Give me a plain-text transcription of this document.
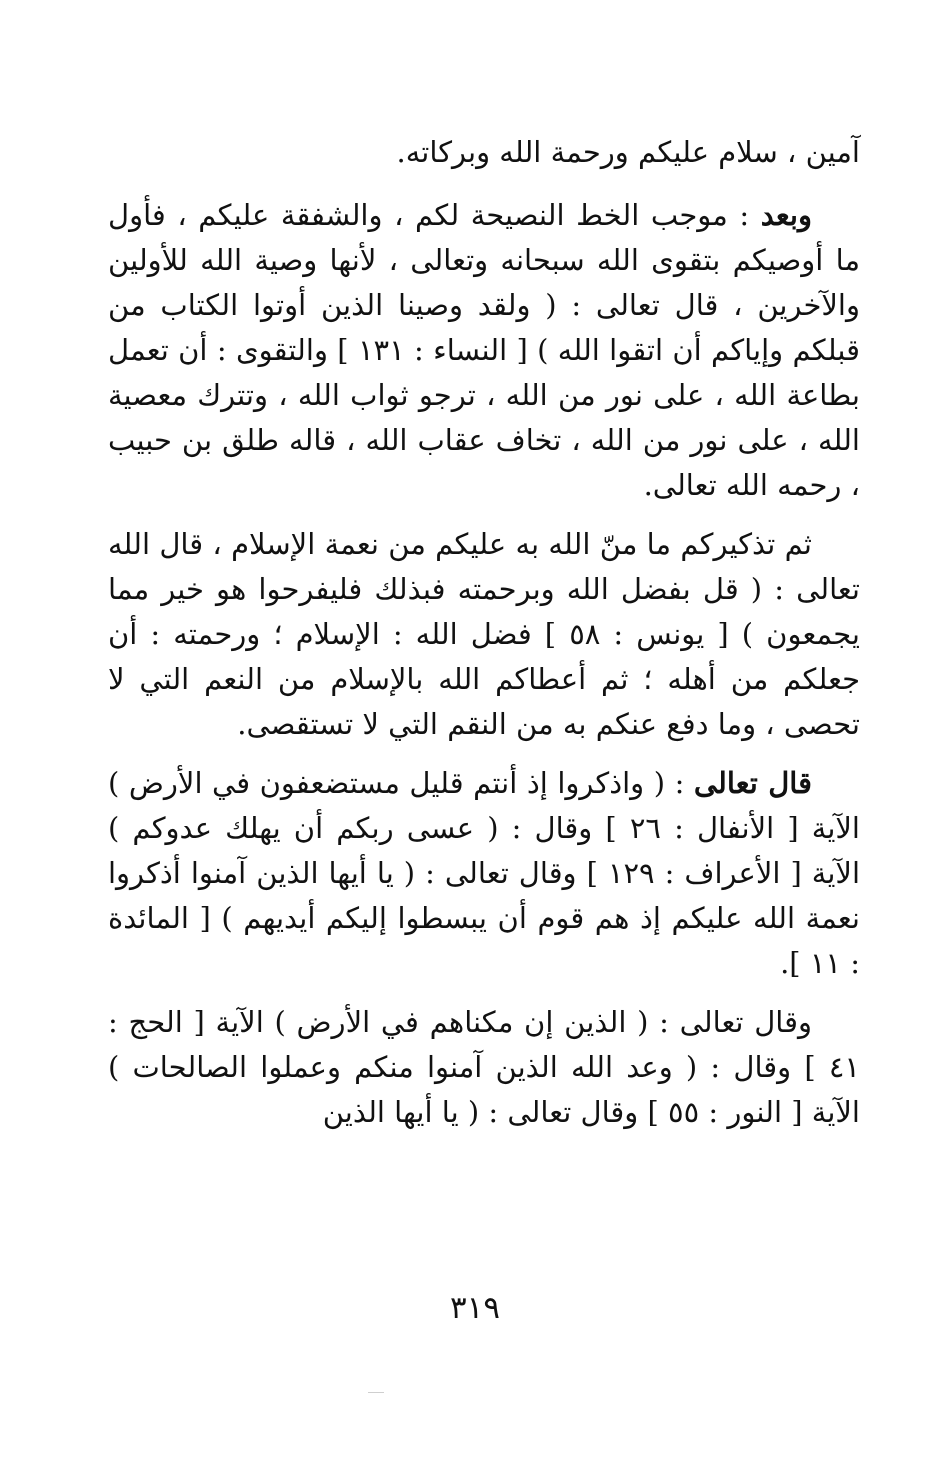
آمين ، سلام عليكم ورحمة الله وبركاته.

وبعد : موجب الخط النصيحة لكم ، والشفقة عليكم ، فأول ما أوصيكم بتقوى الله سبحانه وتعالى ، لأنها وصية الله للأولين والآخرين ، قال تعالى : ( ولقد وصينا الذين أوتوا الكتاب من قبلكم وإياكم أن اتقوا الله ) [ النساء : ١٣١ ] والتقوى : أن تعمل بطاعة الله ، على نور من الله ، ترجو ثواب الله ، وتترك معصية الله ، على نور من الله ، تخاف عقاب الله ، قاله طلق بن حبيب ، رحمه الله تعالى.

ثم تذكيركم ما منّ الله به عليكم من نعمة الإسلام ، قال الله تعالى : ( قل بفضل الله وبرحمته فبذلك فليفرحوا هو خير مما يجمعون ) [ يونس : ٥٨ ] فضل الله : الإسلام ؛ ورحمته : أن جعلكم من أهله ؛ ثم أعطاكم الله بالإسلام من النعم التي لا تحصى ، وما دفع عنكم به من النقم التي لا تستقصى.

قال تعالى : ( واذكروا إذ أنتم قليل مستضعفون في الأرض ) الآية [ الأنفال : ٢٦ ] وقال : ( عسى ربكم أن يهلك عدوكم ) الآية [ الأعراف : ١٢٩ ] وقال تعالى : ( يا أيها الذين آمنوا أذكروا نعمة الله عليكم إذ هم قوم أن يبسطوا إليكم أيديهم ) [ المائدة : ١١ ].

وقال تعالى : ( الذين إن مكناهم في الأرض ) الآية [ الحج : ٤١ ] وقال : ( وعد الله الذين آمنوا منكم وعملوا الصالحات ) الآية [ النور : ٥٥ ] وقال تعالى : ( يا أيها الذين

٣١٩
